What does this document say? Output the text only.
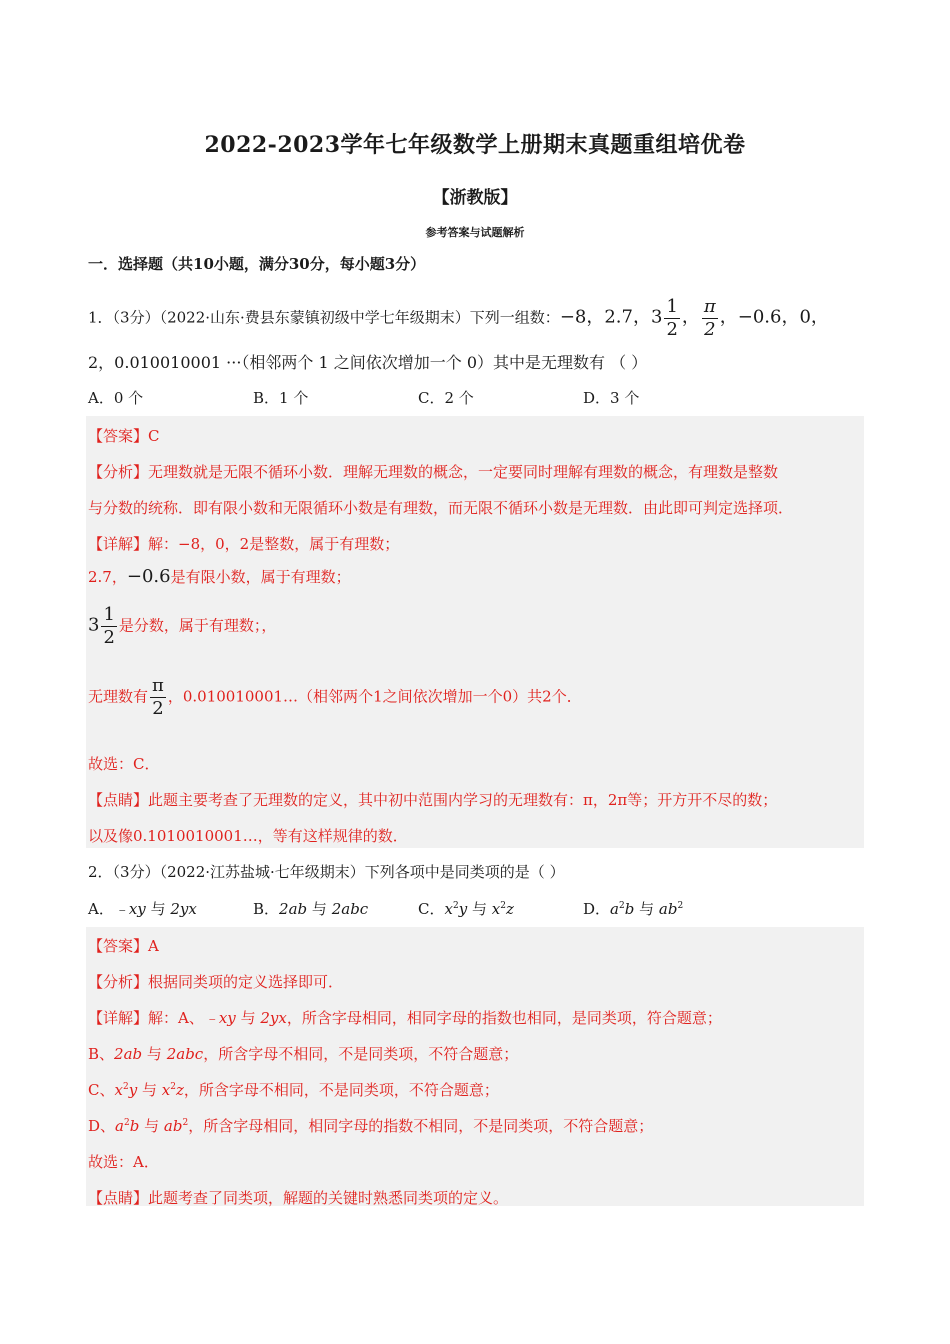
2022-2023学年七年级数学上册期末真题重组培优卷
【浙教版】
参考答案与试题解析
一．选择题（共10小题，满分30分，每小题3分）
1．（3分）（2022·山东·费县东蒙镇初级中学七年级期末）下列一组数：−8，2.7，$3 \frac{1}{2}$ ， $\frac{\pi}{2}$ ，−0.6，0，
2，0.010010001 ···（相邻两个 1 之间依次增加一个 0）其中是无理数有 （ ）
A．0 个	B．1 个	C．2 个	D．3 个
【答案】C
【分析】无理数就是无限不循环小数．理解无理数的概念，一定要同时理解有理数的概念，有理数是整数
与分数的统称．即有限小数和无限循环小数是有理数，而无限不循环小数是无理数．由此即可判定选择项．
【详解】解：−8，0，2是整数，属于有理数；
2.7，−0.6是有限小数，属于有理数；
$3 \frac{1}{2}$ 是分数，属于有理数；，
无理数有 $\frac{\pi}{2}$ ，0.010010001…（相邻两个1之间依次增加一个0）共2个．
故选：C．
【点睛】此题主要考查了无理数的定义，其中初中范围内学习的无理数有：π，2π等；开方开不尽的数；
以及像0.1010010001…，等有这样规律的数．
2．（3分）（2022·江苏盐城·七年级期末）下列各项中是同类项的是（ ）
A．﹣xy 与 2yx	B．2ab 与 2abc	C．$x^2y$ 与 $x^2z$	D．$a^2b$ 与 $ab^2$
【答案】A
【分析】根据同类项的定义选择即可．
【详解】解：A、﹣xy 与 2yx，所含字母相同，相同字母的指数也相同，是同类项，符合题意；
B、2ab 与 2abc，所含字母不相同，不是同类项，不符合题意；
C、$x^2y$ 与 $x^2z$，所含字母不相同，不是同类项，不符合题意；
D、$a^2b$ 与 $ab^2$，所含字母相同，相同字母的指数不相同，不是同类项，不符合题意；
故选：A．
【点睛】此题考查了同类项，解题的关键时熟悉同类项的定义。
